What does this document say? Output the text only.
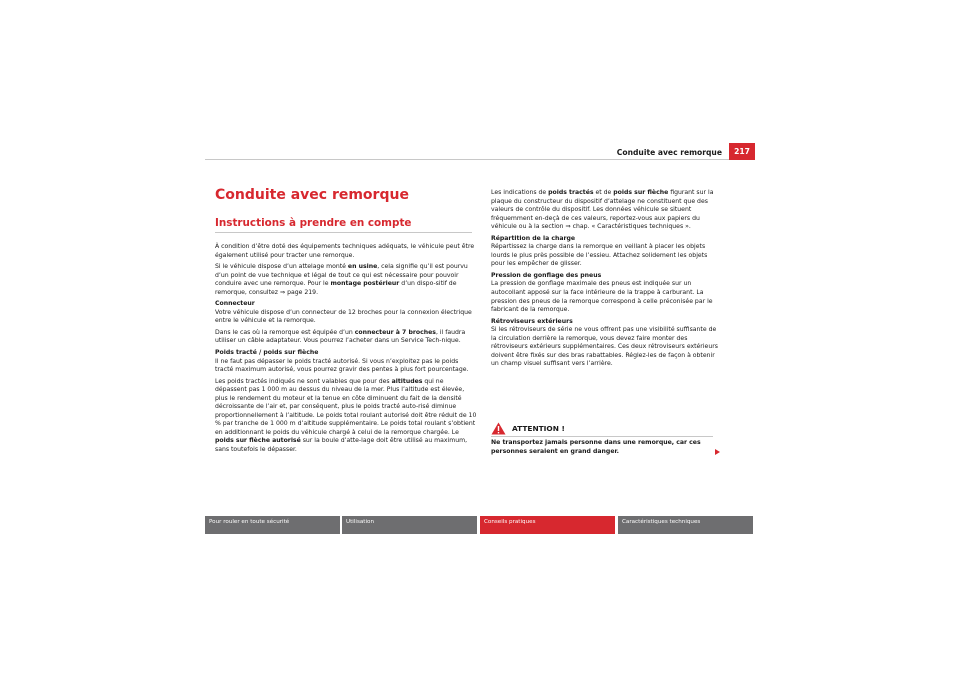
Conduite avec remorque 217
Conduite avec remorque
Instructions à prendre en compte

À condition d’être doté des équipements techniques adéquats, le véhicule peut être également utilisé pour tracter une remorque.

Si le véhicule dispose d’un attelage monté en usine, cela signifie qu’il est pourvu d’un point de vue technique et légal de tout ce qui est nécessaire pour pouvoir conduire avec une remorque. Pour le montage postérieur d’un dispo-sitif de remorque, consultez ⇒ page 219.

Connecteur
Votre véhicule dispose d’un connecteur de 12 broches pour la connexion électrique entre le véhicule et la remorque.

Dans le cas où la remorque est équipée d’un connecteur à 7 broches, il faudra utiliser un câble adaptateur. Vous pourrez l’acheter dans un Service Tech-nique.

Poids tracté / poids sur flèche
Il ne faut pas dépasser le poids tracté autorisé. Si vous n’exploitez pas le poids tracté maximum autorisé, vous pourrez gravir des pentes à plus fort pourcentage.

Les poids tractés indiqués ne sont valables que pour des altitudes qui ne dépassent pas 1 000 m au dessus du niveau de la mer. Plus l’altitude est élevée, plus le rendement du moteur et la tenue en côte diminuent du fait de la densité décroissante de l’air et, par conséquent, plus le poids tracté auto-risé diminue proportionnellement à l’altitude. Le poids total roulant autorisé doit être réduit de 10 % par tranche de 1 000 m d’altitude supplémentaire. Le poids total roulant s’obtient en additionnant le poids du véhicule chargé à celui de la remorque chargée. Le poids sur flèche autorisé sur la boule d’atte-lage doit être utilisé au maximum, sans toutefois le dépasser.

Les indications de poids tractés et de poids sur flèche figurant sur la plaque du constructeur du dispositif d’attelage ne constituent que des valeurs de contrôle du dispositif. Les données véhicule se situent fréquemment en-deçà de ces valeurs, reportez-vous aux papiers du véhicule ou à la section ⇒ chap. « Caractéristiques techniques ».

Répartition de la charge
Répartissez la charge dans la remorque en veillant à placer les objets lourds le plus près possible de l’essieu. Attachez solidement les objets pour les empêcher de glisser.

Pression de gonflage des pneus
La pression de gonflage maximale des pneus est indiquée sur un autocollant apposé sur la face intérieure de la trappe à carburant. La pression des pneus de la remorque correspond à celle préconisée par le fabricant de la remorque.

Rétroviseurs extérieurs
Si les rétroviseurs de série ne vous offrent pas une visibilité suffisante de la circulation derrière la remorque, vous devez faire monter des rétroviseurs extérieurs supplémentaires. Ces deux rétroviseurs extérieurs doivent être fixés sur des bras rabattables. Réglez-les de façon à obtenir un champ visuel suffisant vers l’arrière.

ATTENTION !
Ne transportez jamais personne dans une remorque, car ces personnes seraient en grand danger.
Pour rouler en toute sécurité	Utilisation	Conseils pratiques	Caractéristiques techniques
